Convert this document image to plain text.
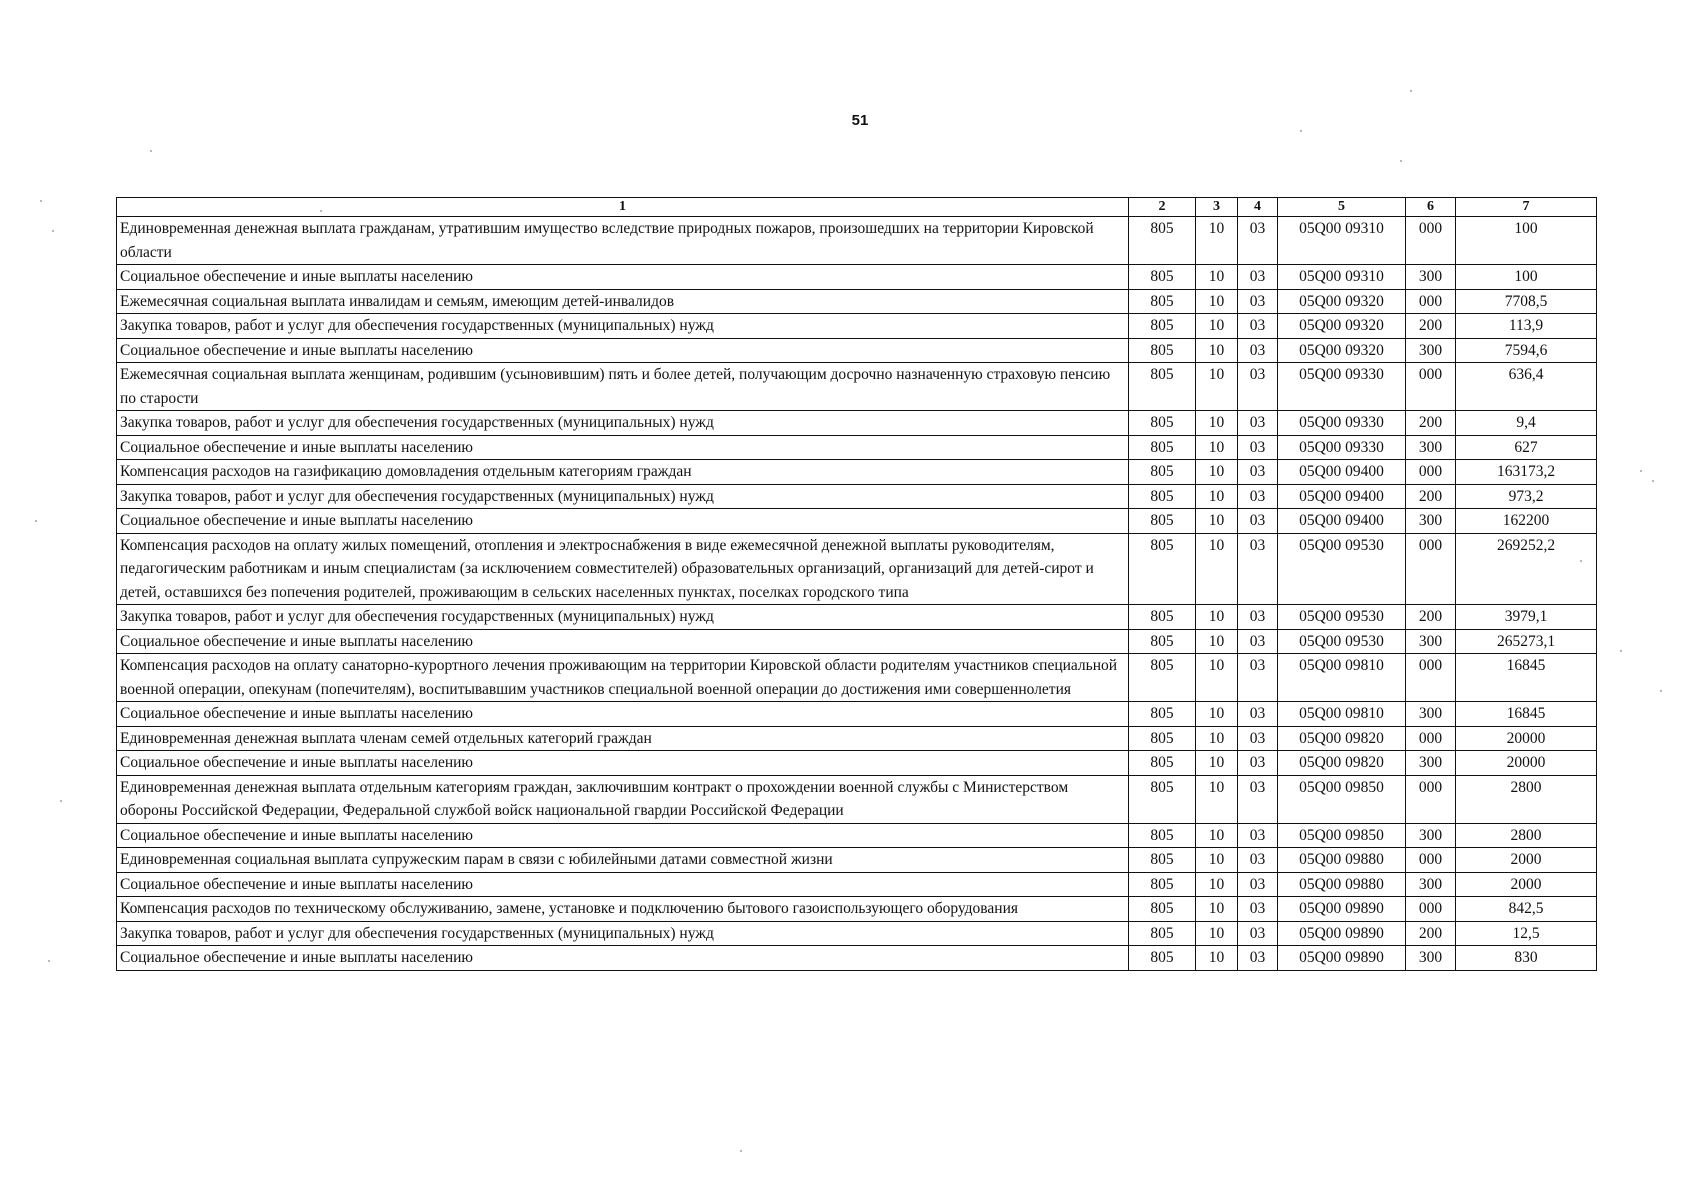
51
1	2	3	4	5	6	7
Единовременная денежная выплата гражданам, утратившим имущество вследствие природных пожаров, произошедших на территории Кировской области	805	10	03	05Q00 09310	000	100
Социальное обеспечение и иные выплаты населению	805	10	03	05Q00 09310	300	100
Ежемесячная социальная выплата инвалидам и семьям, имеющим детей-инвалидов	805	10	03	05Q00 09320	000	7708,5
Закупка товаров, работ и услуг для обеспечения государственных (муниципальных) нужд	805	10	03	05Q00 09320	200	113,9
Социальное обеспечение и иные выплаты населению	805	10	03	05Q00 09320	300	7594,6
Ежемесячная социальная выплата женщинам, родившим (усыновившим) пять и более детей, получающим досрочно назначенную страховую пенсию по старости	805	10	03	05Q00 09330	000	636,4
Закупка товаров, работ и услуг для обеспечения государственных (муниципальных) нужд	805	10	03	05Q00 09330	200	9,4
Социальное обеспечение и иные выплаты населению	805	10	03	05Q00 09330	300	627
Компенсация расходов на газификацию домовладения отдельным категориям граждан	805	10	03	05Q00 09400	000	163173,2
Закупка товаров, работ и услуг для обеспечения государственных (муниципальных) нужд	805	10	03	05Q00 09400	200	973,2
Социальное обеспечение и иные выплаты населению	805	10	03	05Q00 09400	300	162200
Компенсация расходов на оплату жилых помещений, отопления и электроснабжения в виде ежемесячной денежной выплаты руководителям, педагогическим работникам и иным специалистам (за исключением совместителей) образовательных организаций, организаций для детей-сирот и детей, оставшихся без попечения родителей, проживающим в сельских населенных пунктах, поселках городского типа	805	10	03	05Q00 09530	000	269252,2
Закупка товаров, работ и услуг для обеспечения государственных (муниципальных) нужд	805	10	03	05Q00 09530	200	3979,1
Социальное обеспечение и иные выплаты населению	805	10	03	05Q00 09530	300	265273,1
Компенсация расходов на оплату санаторно-курортного лечения проживающим на территории Кировской области родителям участников специальной военной операции, опекунам (попечителям), воспитывавшим участников специальной военной операции до достижения ими совершеннолетия	805	10	03	05Q00 09810	000	16845
Социальное обеспечение и иные выплаты населению	805	10	03	05Q00 09810	300	16845
Единовременная денежная выплата членам семей отдельных категорий граждан	805	10	03	05Q00 09820	000	20000
Социальное обеспечение и иные выплаты населению	805	10	03	05Q00 09820	300	20000
Единовременная денежная выплата отдельным категориям граждан, заключившим контракт о прохождении военной службы с Министерством обороны Российской Федерации, Федеральной службой войск национальной гвардии Российской Федерации	805	10	03	05Q00 09850	000	2800
Социальное обеспечение и иные выплаты населению	805	10	03	05Q00 09850	300	2800
Единовременная социальная выплата супружеским парам в связи с юбилейными датами совместной жизни	805	10	03	05Q00 09880	000	2000
Социальное обеспечение и иные выплаты населению	805	10	03	05Q00 09880	300	2000
Компенсация расходов по техническому обслуживанию, замене, установке и подключению бытового газоиспользующего оборудования	805	10	03	05Q00 09890	000	842,5
Закупка товаров, работ и услуг для обеспечения государственных (муниципальных) нужд	805	10	03	05Q00 09890	200	12,5
Социальное обеспечение и иные выплаты населению	805	10	03	05Q00 09890	300	830
